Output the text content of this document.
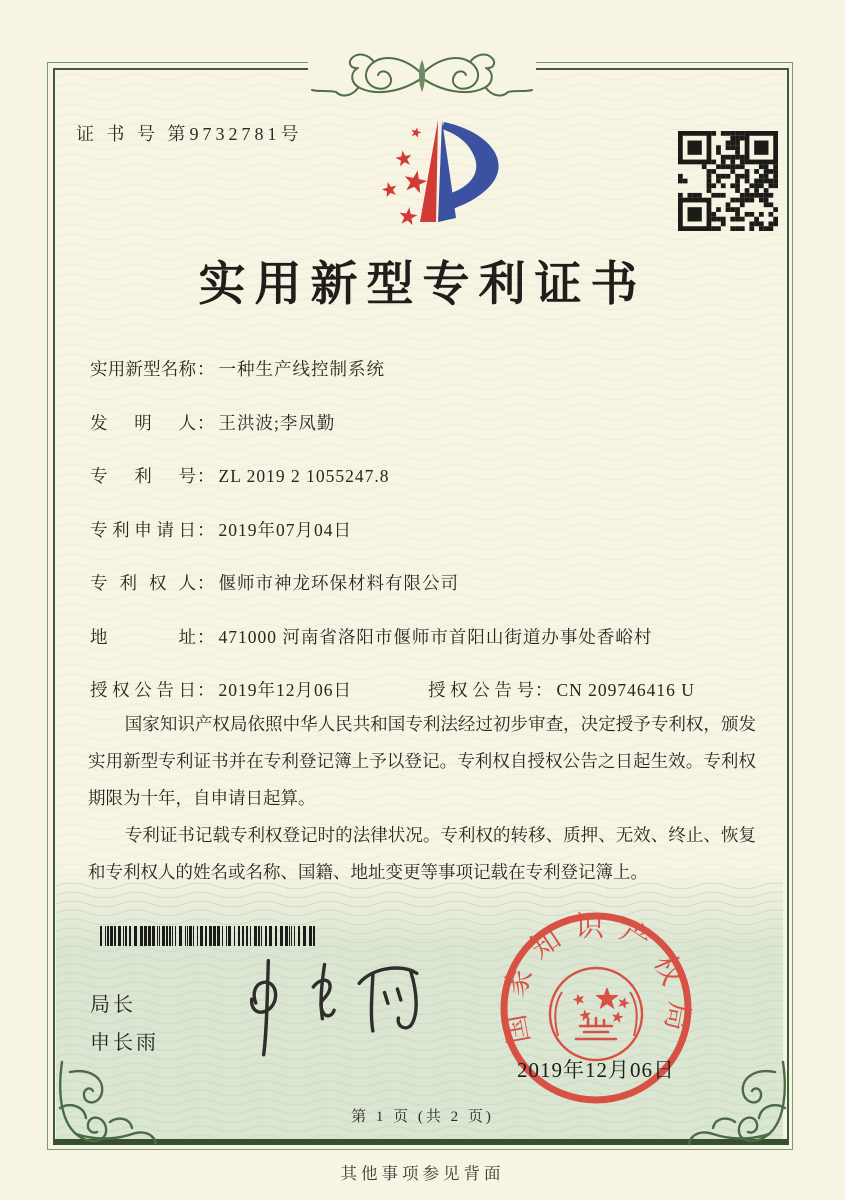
证 书 号 第9732781号
实用新型专利证书
实用新型名称： 一种生产线控制系统
发明人： 王洪波;李凤勤
专利号： ZL 2019 2 1055247.8
专利申请日： 2019年07月04日
专利权人： 偃师市神龙环保材料有限公司
地址： 471000 河南省洛阳市偃师市首阳山街道办事处香峪村
授权公告日： 2019年12月06日	授权公告号： CN 209746416 U

国家知识产权局依照中华人民共和国专利法经过初步审查，决定授予专利权，颁发实用新型专利证书并在专利登记簿上予以登记。专利权自授权公告之日起生效。专利权期限为十年，自申请日起算。

专利证书记载专利权登记时的法律状况。专利权的转移、质押、无效、终止、恢复和专利权人的姓名或名称、国籍、地址变更等事项记载在专利登记簿上。

局长
申长雨	国家知识产权局
2019年12月06日
第 1 页 (共 2 页)
其他事项参见背面
